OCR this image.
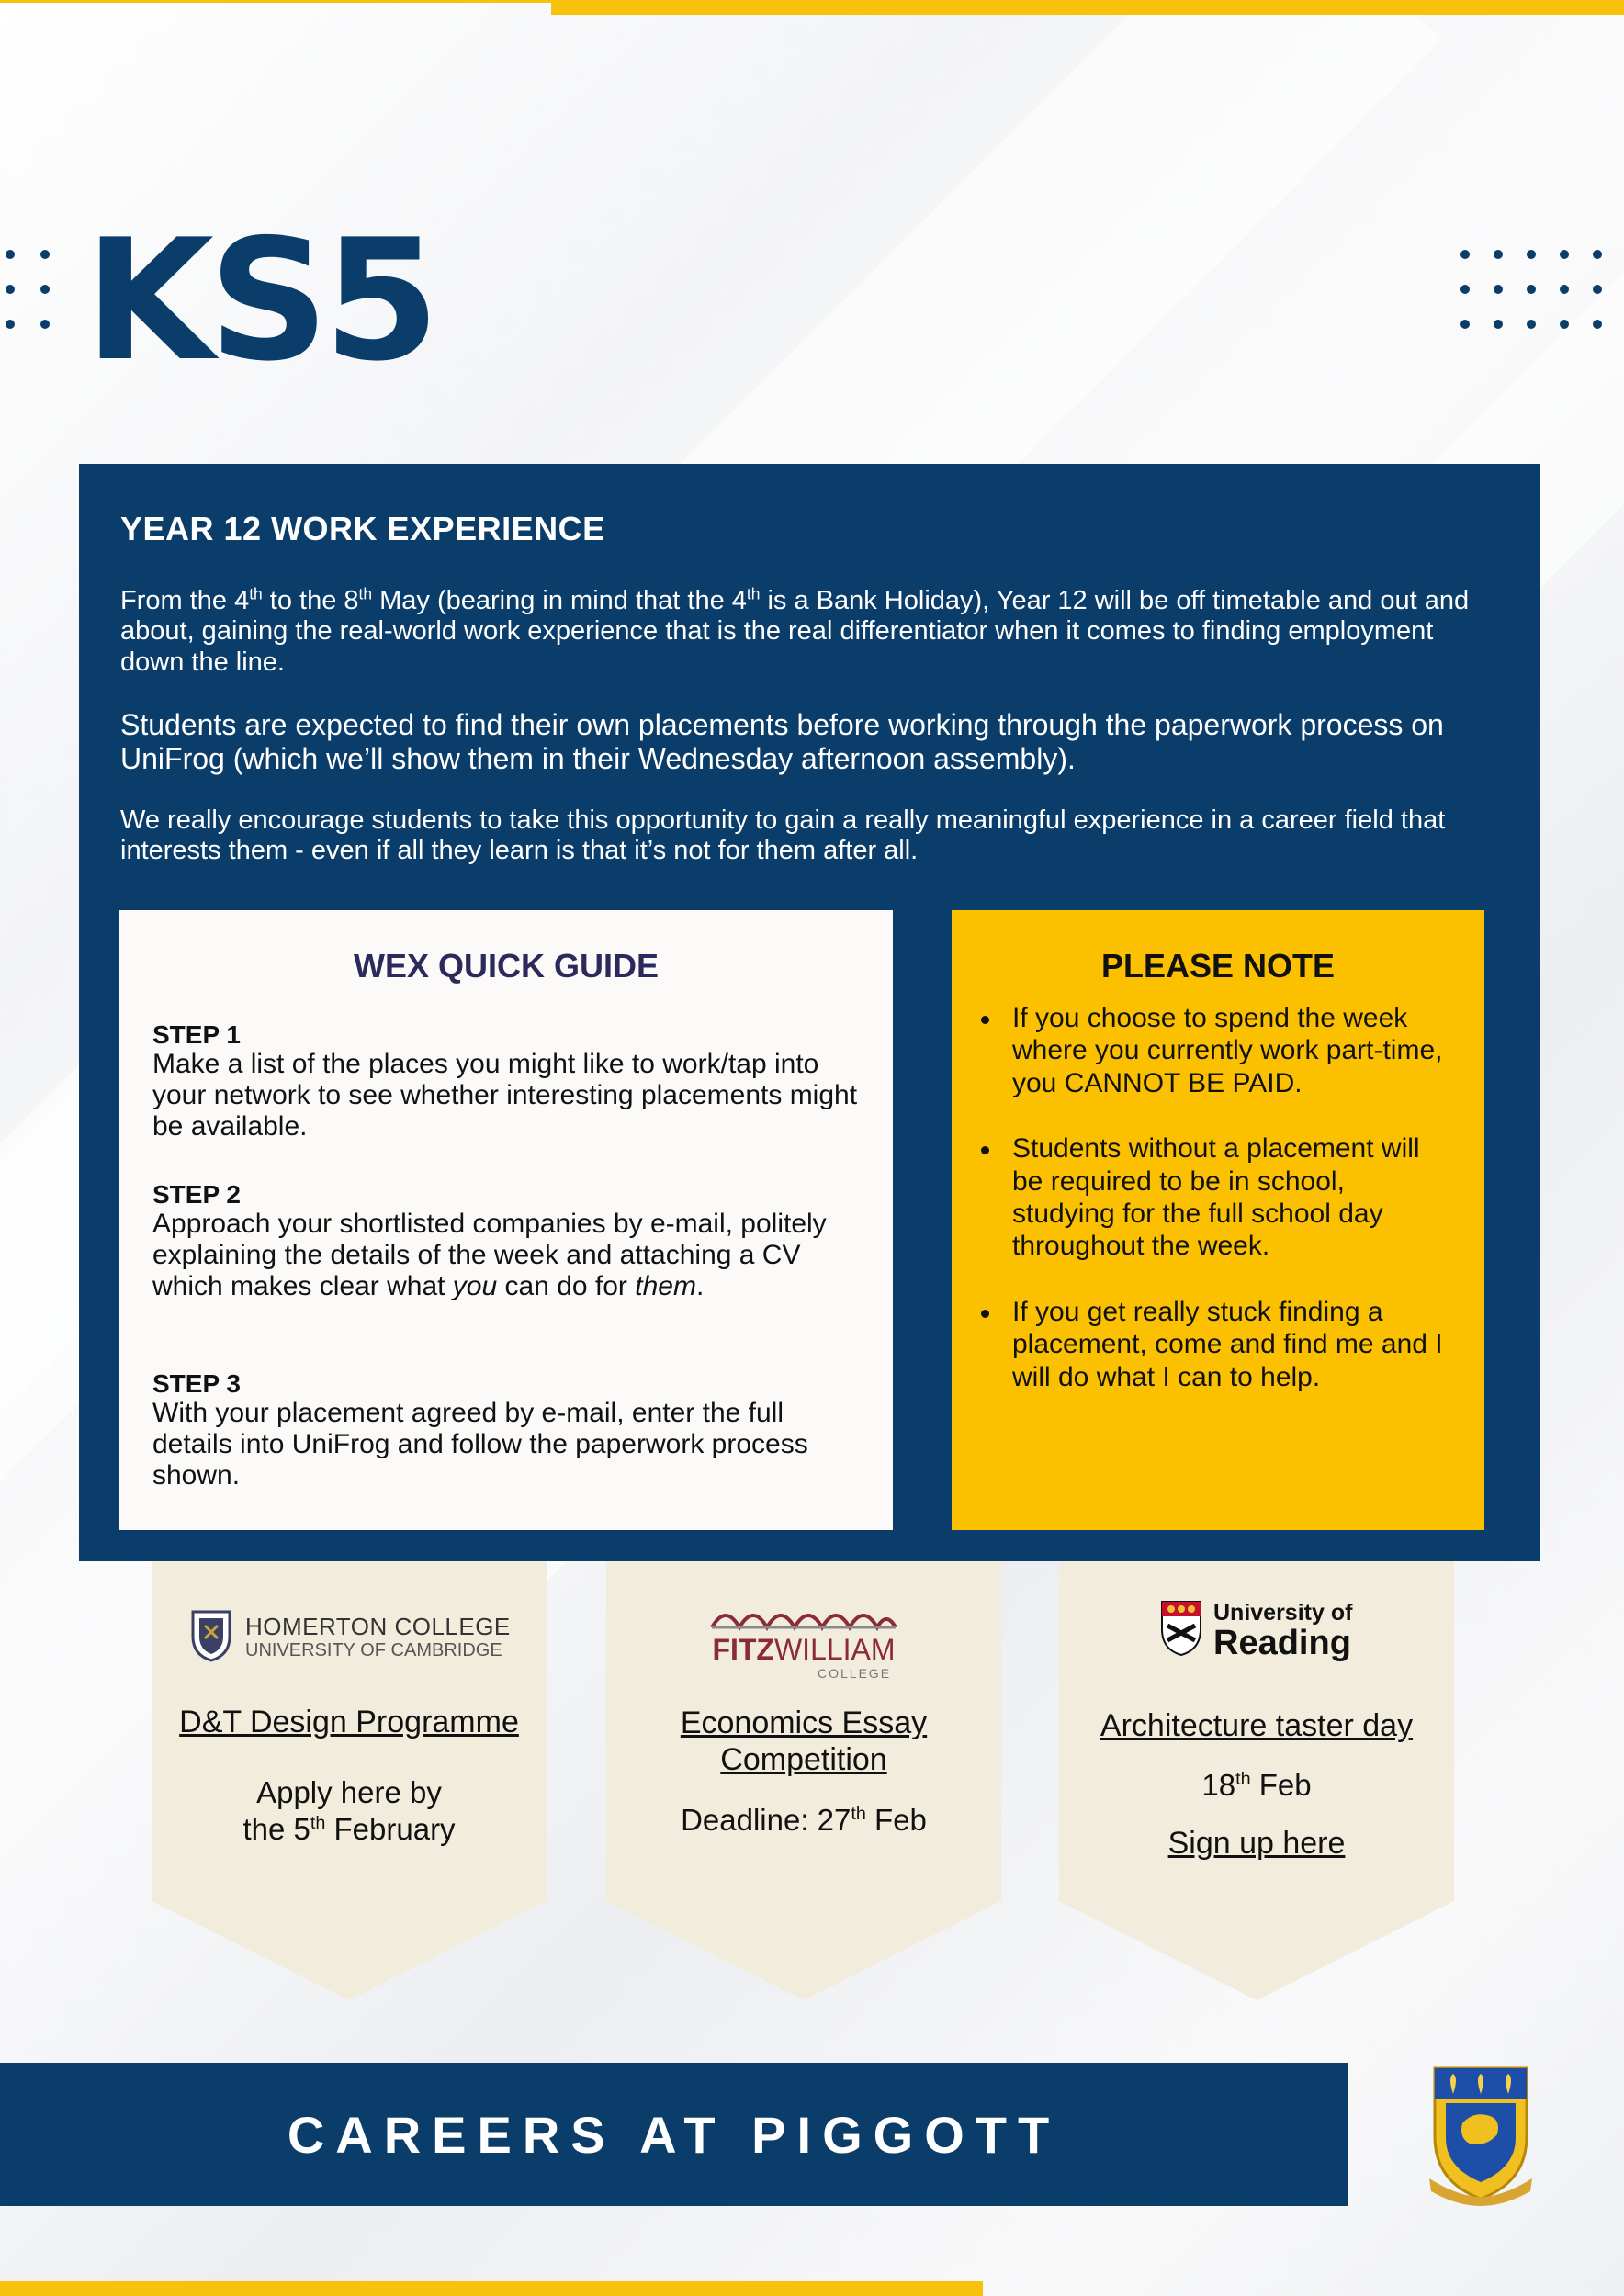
KS5
YEAR 12 WORK EXPERIENCE
From the 4th to the 8th May (bearing in mind that the 4th is a Bank Holiday), Year 12 will be off timetable and out and about, gaining the real-world work experience that is the real differentiator when it comes to finding employment down the line.
Students are expected to find their own placements before working through the paperwork process on UniFrog (which we’ll show them in their Wednesday afternoon assembly).
We really encourage students to take this opportunity to gain a really meaningful experience in a career field that interests them - even if all they learn is that it’s not for them after all.
WEX QUICK GUIDE
STEP 1
Make a list of the places you might like to work/tap into your network to see whether interesting placements might be available.
STEP 2
Approach your shortlisted companies by e-mail, politely explaining the details of the week and attaching a CV which makes clear what you can do for them.
STEP 3
With your placement agreed by e-mail, enter the full details into UniFrog and follow the paperwork process shown.
PLEASE NOTE
If you choose to spend the week where you currently work part-time, you CANNOT BE PAID.
Students without a placement will be required to be in school, studying for the full school day throughout the week.
If you get really stuck finding a placement, come and find me and I will do what I can to help.
HOMERTON COLLEGE
UNIVERSITY OF CAMBRIDGE
D&T Design Programme
Apply here by
the 5th February
FITZWILLIAM
COLLEGE
Economics Essay Competition
Deadline: 27th Feb
University of
Reading
Architecture taster day
18th Feb
Sign up here
CAREERS AT PIGGOTT
